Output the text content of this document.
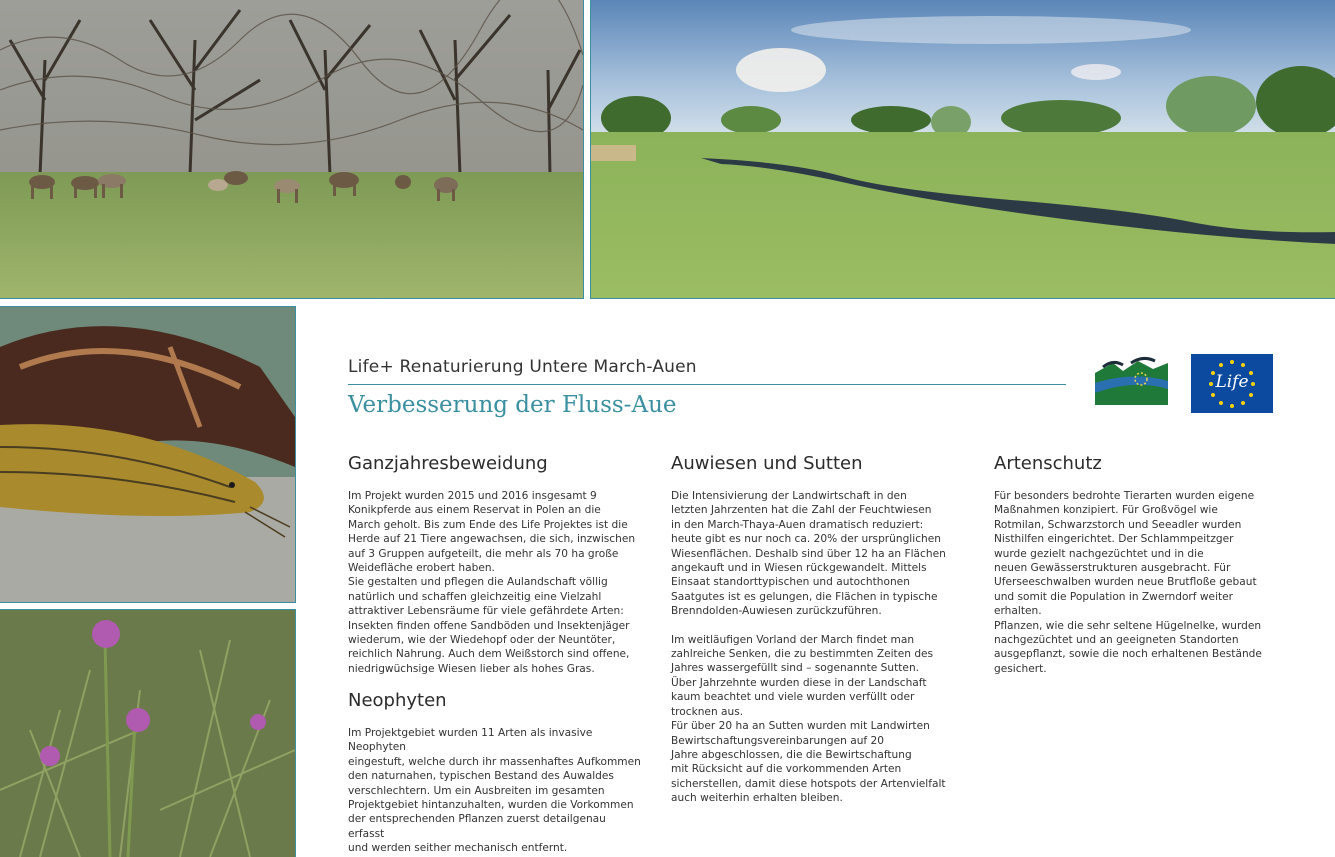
Life+ Renaturierung Untere March-Auen
Verbesserung der Fluss-Aue
Life
Ganzjahresbeweidung

Im Projekt wurden 2015 und 2016 insgesamt 9
Konikpferde aus einem Reservat in Polen an die
March geholt. Bis zum Ende des Life Projektes ist die
Herde auf 21 Tiere angewachsen, die sich, inzwischen
auf 3 Gruppen aufgeteilt, die mehr als 70 ha große
Weidefläche erobert haben.
Sie gestalten und pflegen die Aulandschaft völlig
natürlich und schaffen gleichzeitig eine Vielzahl
attraktiver Lebensräume für viele gefährdete Arten:
Insekten finden offene Sandböden und Insektenjäger
wiederum, wie der Wiedehopf oder der Neuntöter,
reichlich Nahrung. Auch dem Weißstorch sind offene,
niedrigwüchsige Wiesen lieber als hohes Gras.

Neophyten

Im Projektgebiet wurden 11 Arten als invasive Neophyten
eingestuft, welche durch ihr massenhaftes Aufkommen
den naturnahen, typischen Bestand des Auwaldes
verschlechtern. Um ein Ausbreiten im gesamten
Projektgebiet hintanzuhalten, wurden die Vorkommen
der entsprechenden Pflanzen zuerst detailgenau erfasst
und werden seither mechanisch entfernt.

Auwiesen und Sutten

Die Intensivierung der Landwirtschaft in den
letzten Jahrzenten hat die Zahl der Feuchtwiesen
in den March-Thaya-Auen dramatisch reduziert:
heute gibt es nur noch ca. 20% der ursprünglichen
Wiesenflächen. Deshalb sind über 12 ha an Flächen
angekauft und in Wiesen rückgewandelt. Mittels
Einsaat standorttypischen und autochthonen
Saatgutes ist es gelungen, die Flächen in typische
Brenndolden-Auwiesen zurückzuführen.

Im weitläufigen Vorland der March findet man
zahlreiche Senken, die zu bestimmten Zeiten des
Jahres wassergefüllt sind – sogenannte Sutten.
Über Jahrzehnte wurden diese in der Landschaft
kaum beachtet und viele wurden verfüllt oder
trocknen aus.
Für über 20 ha an Sutten wurden mit Landwirten
Bewirtschaftungsvereinbarungen auf 20
Jahre abgeschlossen, die die Bewirtschaftung
mit Rücksicht auf die vorkommenden Arten
sicherstellen, damit diese hotspots der Artenvielfalt
auch weiterhin erhalten bleiben.

Artenschutz

Für besonders bedrohte Tierarten wurden eigene
Maßnahmen konzipiert. Für Großvögel wie
Rotmilan, Schwarzstorch und Seeadler wurden
Nisthilfen eingerichtet. Der Schlammpeitzger
wurde gezielt nachgezüchtet und in die
neuen Gewässerstrukturen ausgebracht. Für
Uferseeschwalben wurden neue Brutfloße gebaut
und somit die Population in Zwerndorf weiter
erhalten.
Pflanzen, wie die sehr seltene Hügelnelke, wurden
nachgezüchtet und an geeigneten Standorten
ausgepflanzt, sowie die noch erhaltenen Bestände
gesichert.
